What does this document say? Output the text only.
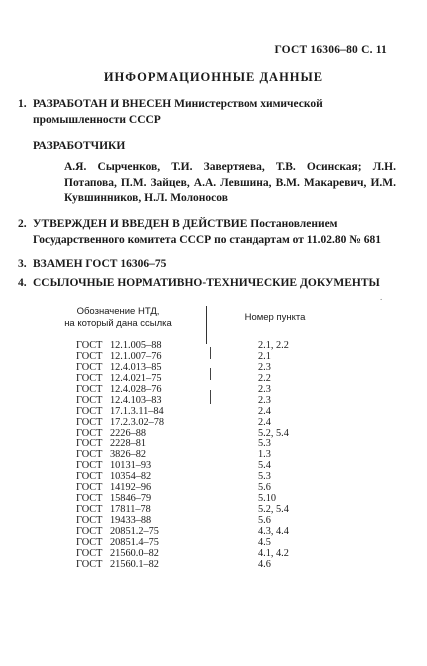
ГОСТ 16306–80 С. 11
ИНФОРМАЦИОННЫЕ ДАННЫЕ
1. РАЗРАБОТАН И ВНЕСЕН Министерством химической промышленности СССР
РАЗРАБОТЧИКИ
А.Я. Сырченков, Т.И. Завертяева, Т.В. Осинская; Л.Н. Потапова, П.М. Зайцев, А.А. Левшина, В.М. Макаревич, И.М. Кувшинников, Н.Л. Молоносов
2. УТВЕРЖДЕН И ВВЕДЕН В ДЕЙСТВИЕ Постановлением Государственного комитета СССР по стандартам от 11.02.80 № 681
3. ВЗАМЕН ГОСТ 16306–75
4. ССЫЛОЧНЫЕ НОРМАТИВНО-ТЕХНИЧЕСКИЕ ДОКУМЕНТЫ
.
Обозначение НТД,
на который дана ссылка
Номер пункта
ГОСТ 12.1.005–88	2.1, 2.2
ГОСТ 12.1.007–76	2.1
ГОСТ 12.4.013–85	2.3
ГОСТ 12.4.021–75	2.2
ГОСТ 12.4.028–76	2.3
ГОСТ 12.4.103–83	2.3
ГОСТ 17.1.3.11–84	2.4
ГОСТ 17.2.3.02–78	2.4
ГОСТ 2226–88	5.2, 5.4
ГОСТ 2228–81	5.3
ГОСТ 3826–82	1.3
ГОСТ 10131–93	5.4
ГОСТ 10354–82	5.3
ГОСТ 14192–96	5.6
ГОСТ 15846–79	5.10
ГОСТ 17811–78	5.2, 5.4
ГОСТ 19433–88	5.6
ГОСТ 20851.2–75	4.3, 4.4
ГОСТ 20851.4–75	4.5
ГОСТ 21560.0–82	4.1, 4.2
ГОСТ 21560.1–82	4.6
